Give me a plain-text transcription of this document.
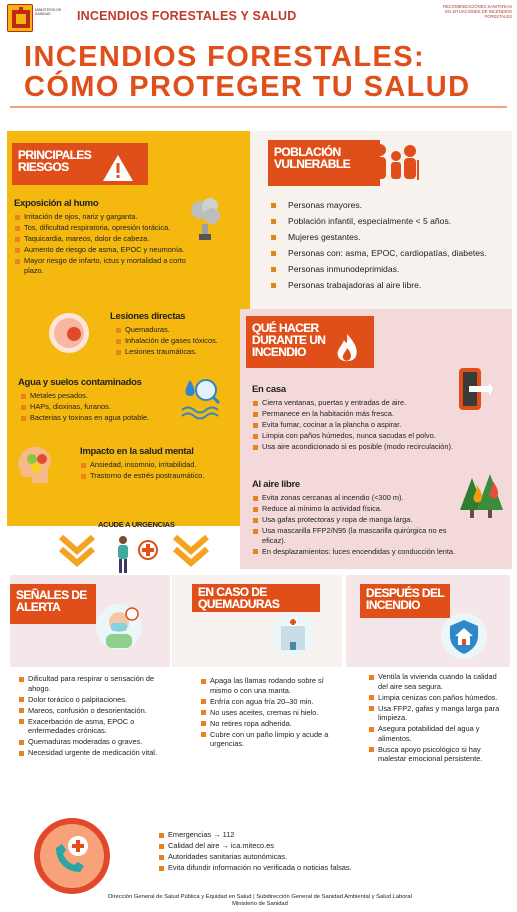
MINISTERIO DE SANIDAD	INCENDIOS FORESTALES Y SALUD
RECOMENDACIONES SANITARIAS EN SITUACIONES DE INCENDIOS FORESTALES
INCENDIOS FORESTALES:
CÓMO PROTEGER TU SALUD
PRINCIPALES RIESGOS
Exposición al humo
Irritación de ojos, nariz y garganta.
Tos, dificultad respiratoria, opresión torácica.
Taquicardia, mareos, dolor de cabeza.
Aumento de riesgo de asma, EPOC y neumonía.
Mayor riesgo de infarto, ictus y mortalidad a corto plazo.
Lesiones directas
Quemaduras.
Inhalación de gases tóxicos.
Lesiones traumáticas.
Agua y suelos contaminados
Metales pesados.
HAPs, dioxinas, furanos.
Bacterias y toxinas en agua potable.
Impacto en la salud mental
Ansiedad, insomnio, irritabilidad.
Trastorno de estrés postraumático.
POBLACIÓN VULNERABLE
Personas mayores.
Población infantil, especialmente < 5 años.
Mujeres gestantes.
Personas con: asma, EPOC, cardiopatías, diabetes.
Personas inmunodeprimidas.
Personas trabajadoras al aire libre.
QUÉ HACER DURANTE UN INCENDIO
En casa
Cierra ventanas, puertas y entradas de aire.
Permanece en la habitación más fresca.
Evita fumar, cocinar a la plancha o aspirar.
Limpia con paños húmedos, nunca sacudas el polvo.
Usa aire acondicionado si es posible (modo recirculación).
Al aire libre
Evita zonas cercanas al incendio (<300 m).
Reduce al mínimo la actividad física.
Usa gafas protectoras y ropa de manga larga.
Usa mascarilla FFP2/N95 (la mascarilla quirúrgica no es eficaz).
En desplazamientos: luces encendidas y conducción lenta.
ACUDE A URGENCIAS
SEÑALES DE ALERTA
Dificultad para respirar o sensación de ahogo.
Dolor torácico o palpitaciones.
Mareos, confusión o desorientación.
Exacerbación de asma, EPOC o enfermedades crónicas.
Quemaduras moderadas o graves.
Necesidad urgente de medicación vital.
EN CASO DE QUEMADURAS
Apaga las llamas rodando sobre sí mismo o con una manta.
Enfría con agua fría 20–30 min.
No uses aceites, cremas ni hielo.
No retires ropa adherida.
Cubre con un paño limpio y acude a urgencias.
DESPUÉS DEL INCENDIO
Ventila la vivienda cuando la calidad del aire sea segura.
Limpia cenizas con paños húmedos.
Usa FFP2, gafas y manga larga para limpieza.
Asegura potabilidad del agua y alimentos.
Busca apoyo psicológico si hay malestar emocional persistente.
Emergencias → 112
Calidad del aire → ica.miteco.es
Autoridades sanitarias autonómicas.
Evita difundir información no verificada o noticias falsas.
Dirección General de Salud Pública y Equidad en Salud | Subdirección General de Sanidad Ambiental y Salud Laboral
Ministerio de Sanidad
